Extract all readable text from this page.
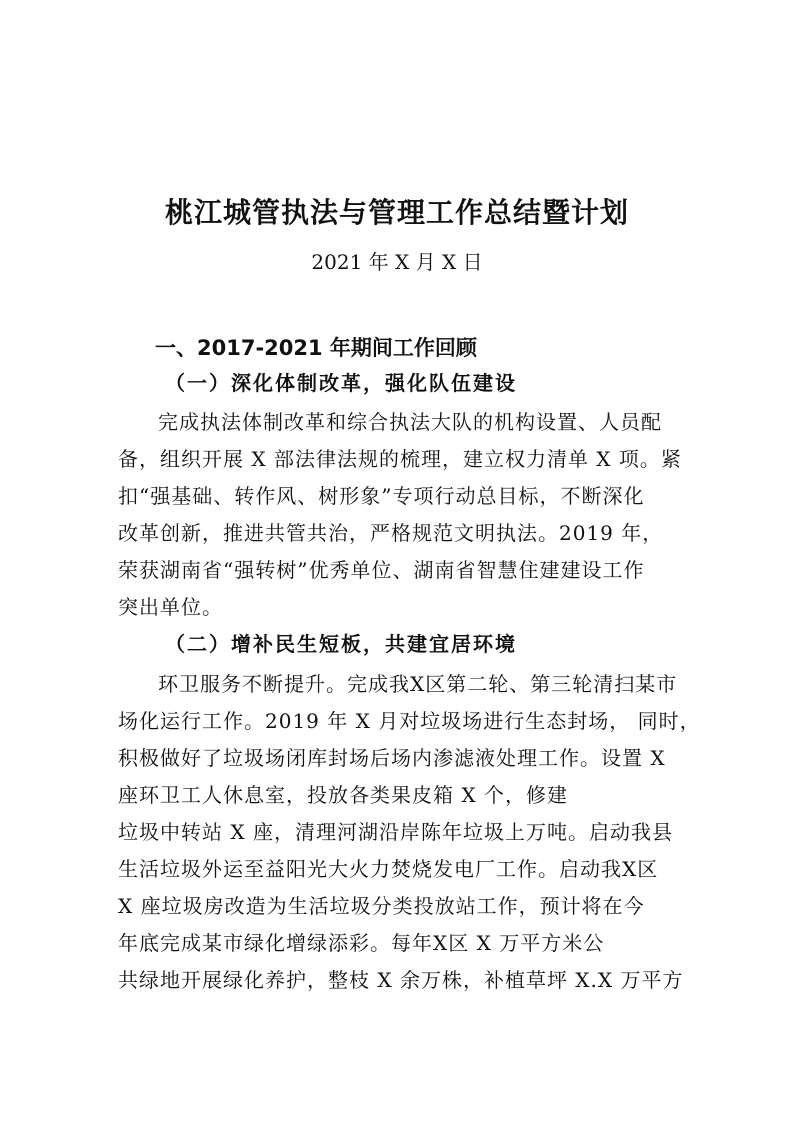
桃江城管执法与管理工作总结暨计划
2021 年 X 月 X 日
一、2017-2021 年期间工作回顾
（一）深化体制改革，强化队伍建设
完成执法体制改革和综合执法大队的机构设置、人员配
备，组织开展 X 部法律法规的梳理，建立权力清单 X 项。紧
扣“强基础、转作风、树形象”专项行动总目标，不断深化
改革创新，推进共管共治，严格规范文明执法。2019 年，
荣获湖南省“强转树”优秀单位、湖南省智慧住建建设工作
突出单位。
（二）增补民生短板，共建宜居环境
环卫服务不断提升。完成我X区第二轮、第三轮清扫某市
场化运行工作。2019 年 X 月对垃圾场进行生态封场， 同时，
积极做好了垃圾场闭库封场后场内渗滤液处理工作。设置 X
座环卫工人休息室，投放各类果皮箱 X 个，修建
垃圾中转站 X 座，清理河湖沿岸陈年垃圾上万吨。启动我县
生活垃圾外运至益阳光大火力焚烧发电厂工作。启动我X区
X 座垃圾房改造为生活垃圾分类投放站工作，预计将在今
年底完成某市绿化增绿添彩。每年X区 X 万平方米公
共绿地开展绿化养护，整枝 X 余万株，补植草坪 X.X 万平方
